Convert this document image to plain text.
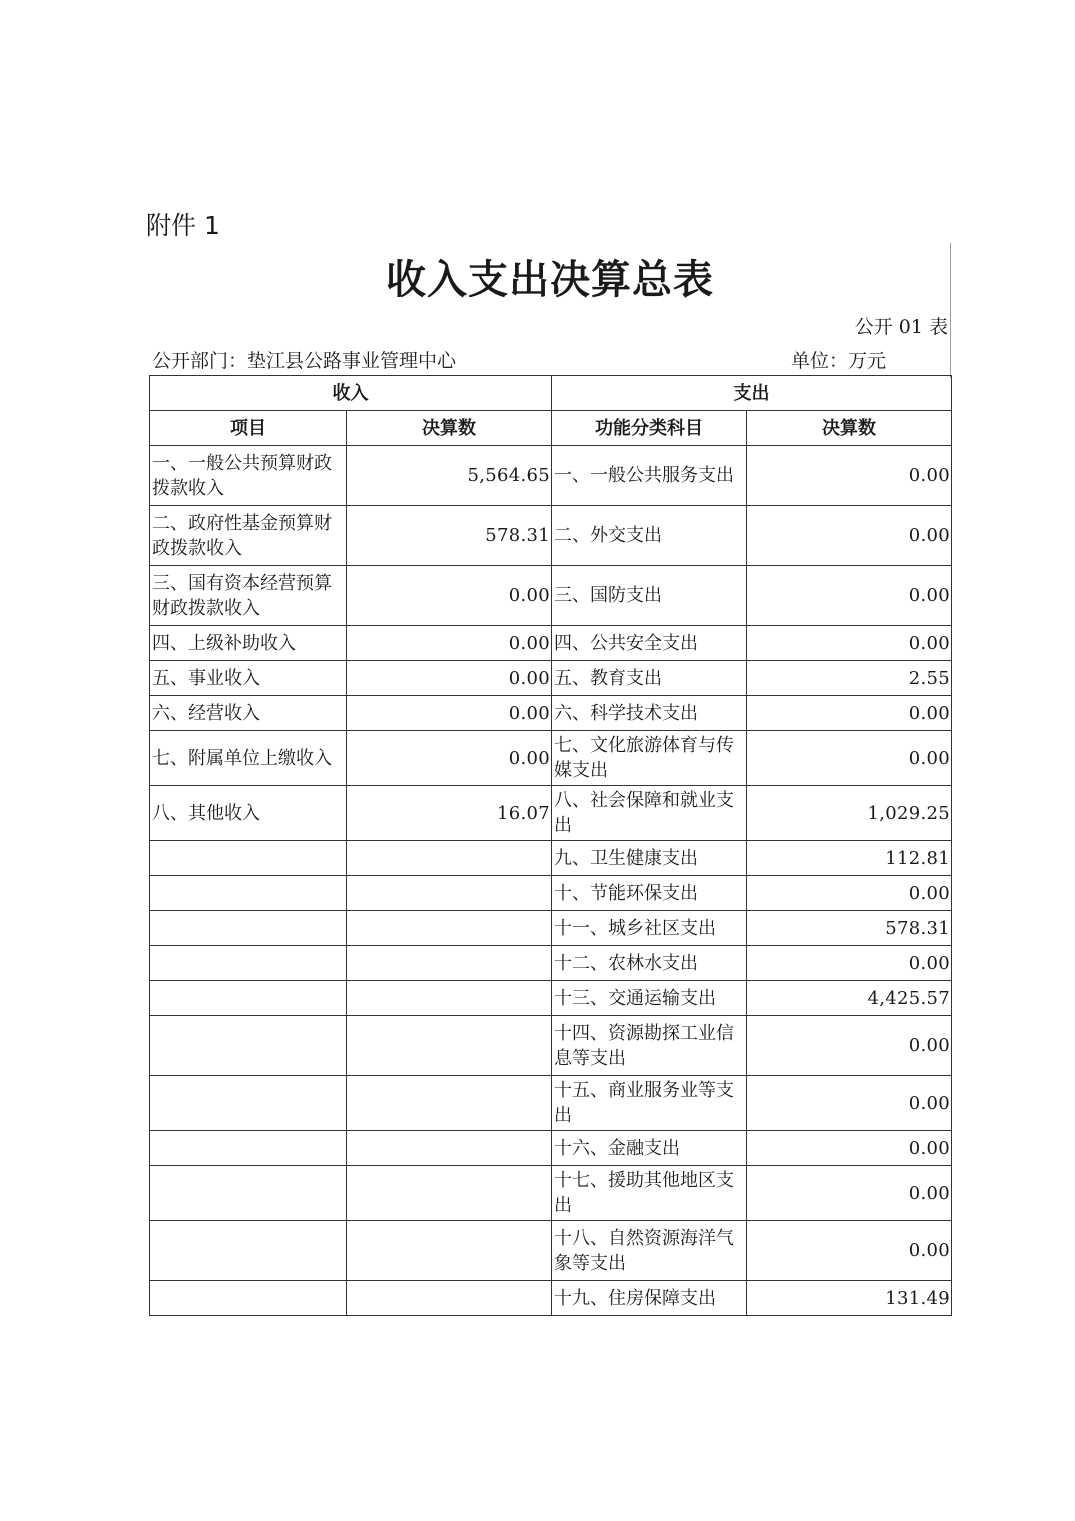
附件 1
收入支出决算总表
公开 01 表
公开部门：垫江县公路事业管理中心	单位：万元
收入		支出	
项目	决算数	功能分类科目	决算数
一、一般公共预算财政拨款收入	5,564.65	一、一般公共服务支出	0.00
二、政府性基金预算财政拨款收入	578.31	二、外交支出	0.00
三、国有资本经营预算财政拨款收入	0.00	三、国防支出	0.00
四、上级补助收入	0.00	四、公共安全支出	0.00
五、事业收入	0.00	五、教育支出	2.55
六、经营收入	0.00	六、科学技术支出	0.00
七、附属单位上缴收入	0.00	七、文化旅游体育与传媒支出	0.00
八、其他收入	16.07	八、社会保障和就业支出	1,029.25
		九、卫生健康支出	112.81
		十、节能环保支出	0.00
		十一、城乡社区支出	578.31
		十二、农林水支出	0.00
		十三、交通运输支出	4,425.57
		十四、资源勘探工业信息等支出	0.00
		十五、商业服务业等支出	0.00
		十六、金融支出	0.00
		十七、援助其他地区支出	0.00
		十八、自然资源海洋气象等支出	0.00
		十九、住房保障支出	131.49
